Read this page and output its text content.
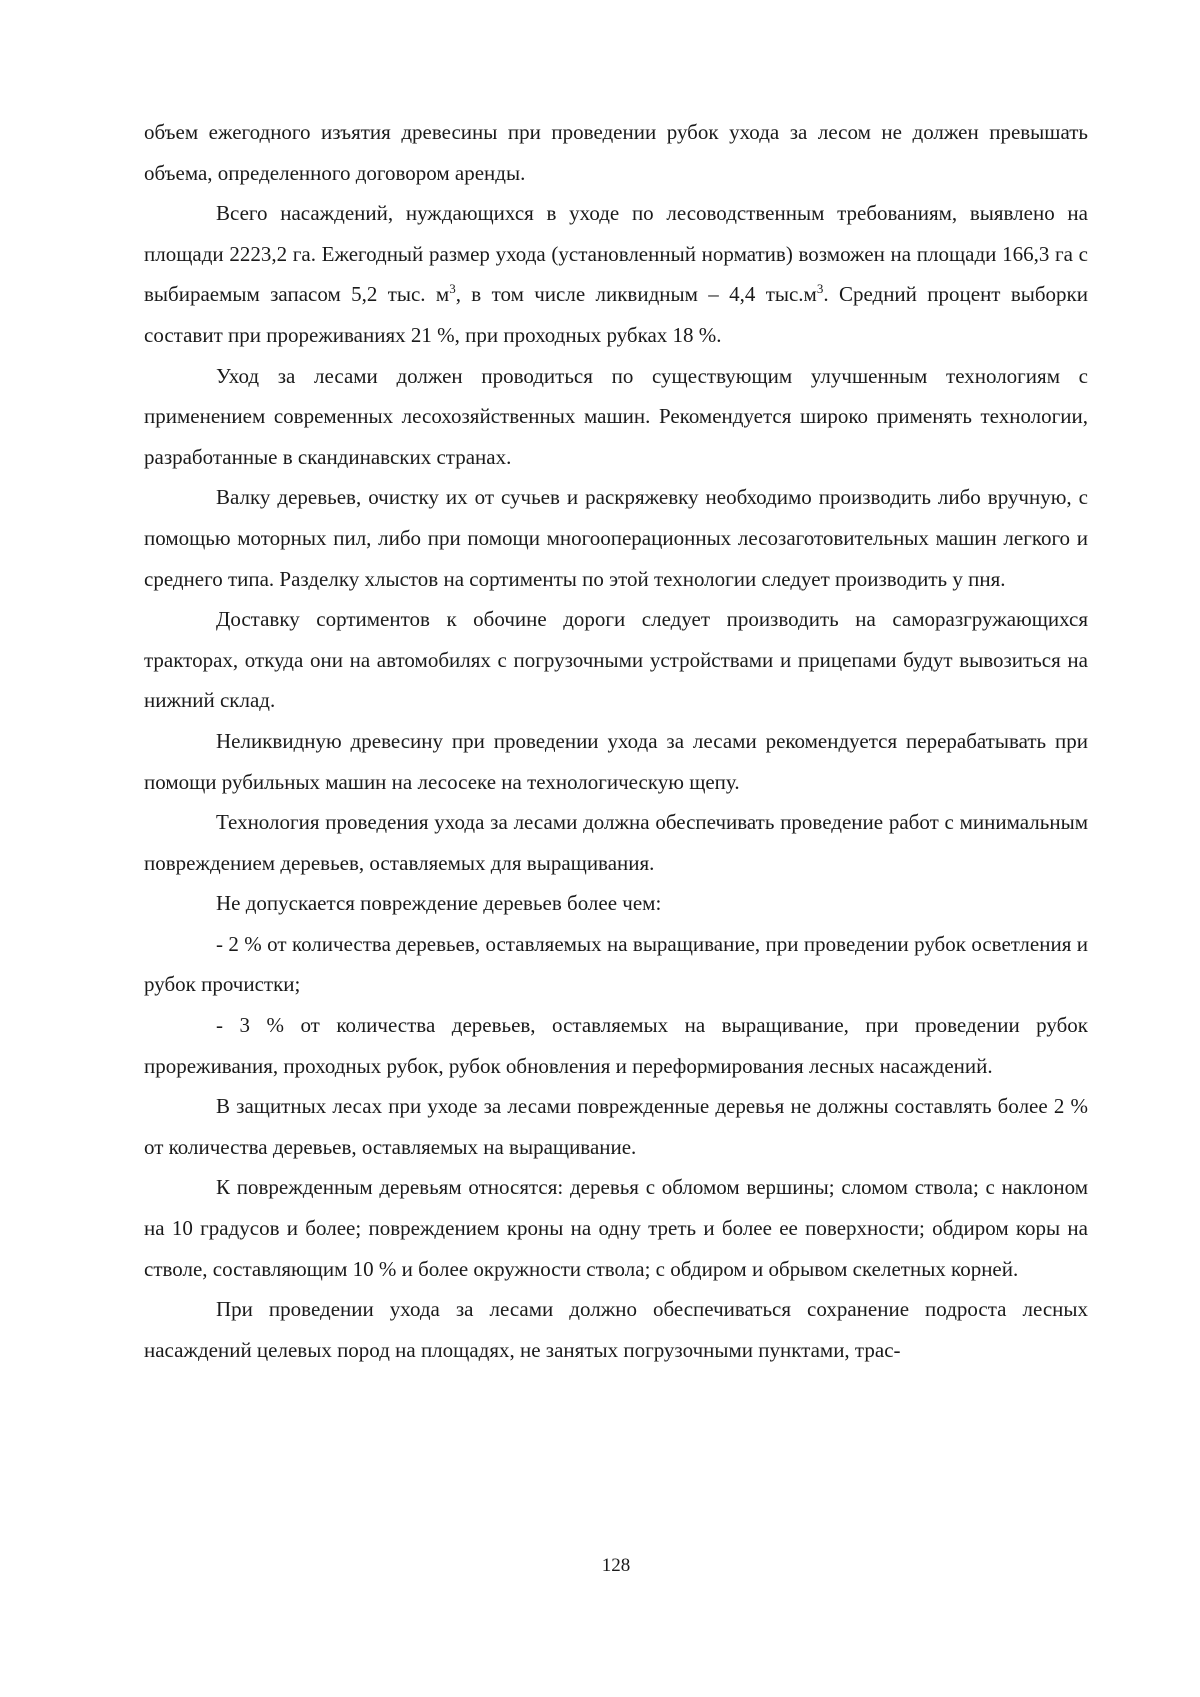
объем ежегодного изъятия древесины при проведении рубок ухода за лесом не должен превышать объема, определенного договором аренды.

Всего насаждений, нуждающихся в уходе по лесоводственным требованиям, выявлено на площади 2223,2 га. Ежегодный размер ухода (установленный норматив) возможен на площади 166,3 га с выбираемым запасом 5,2 тыс. $м^3$, в том числе ликвидным – 4,4 $тыс.м^3$. Средний процент выборки составит при прореживаниях 21 %, при проходных рубках 18 %.

Уход за лесами должен проводиться по существующим улучшенным технологиям с применением современных лесохозяйственных машин. Рекомендуется широко применять технологии, разработанные в скандинавских странах.

Валку деревьев, очистку их от сучьев и раскряжевку необходимо производить либо вручную, с помощью моторных пил, либо при помощи многооперационных лесозаготовительных машин легкого и среднего типа. Разделку хлыстов на сортименты по этой технологии следует производить у пня.

Доставку сортиментов к обочине дороги следует производить на саморазгружающихся тракторах, откуда они на автомобилях с погрузочными устройствами и прицепами будут вывозиться на нижний склад.

Неликвидную древесину при проведении ухода за лесами рекомендуется перерабатывать при помощи рубильных машин на лесосеке на технологическую щепу.

Технология проведения ухода за лесами должна обеспечивать проведение работ с минимальным повреждением деревьев, оставляемых для выращивания.

Не допускается повреждение деревьев более чем:

- 2 % от количества деревьев, оставляемых на выращивание, при проведении рубок осветления и рубок прочистки;

- 3 % от количества деревьев, оставляемых на выращивание, при проведении рубок прореживания, проходных рубок, рубок обновления и переформирования лесных насаждений.

В защитных лесах при уходе за лесами поврежденные деревья не должны составлять более 2 % от количества деревьев, оставляемых на выращивание.

К поврежденным деревьям относятся: деревья с обломом вершины; сломом ствола; с наклоном на 10 градусов и более; повреждением кроны на одну треть и более ее поверхности; обдиром коры на стволе, составляющим 10 % и более окружности ствола; с обдиром и обрывом скелетных корней.

При проведении ухода за лесами должно обеспечиваться сохранение подроста лесных насаждений целевых пород на площадях, не занятых погрузочными пунктами, трас-

128
